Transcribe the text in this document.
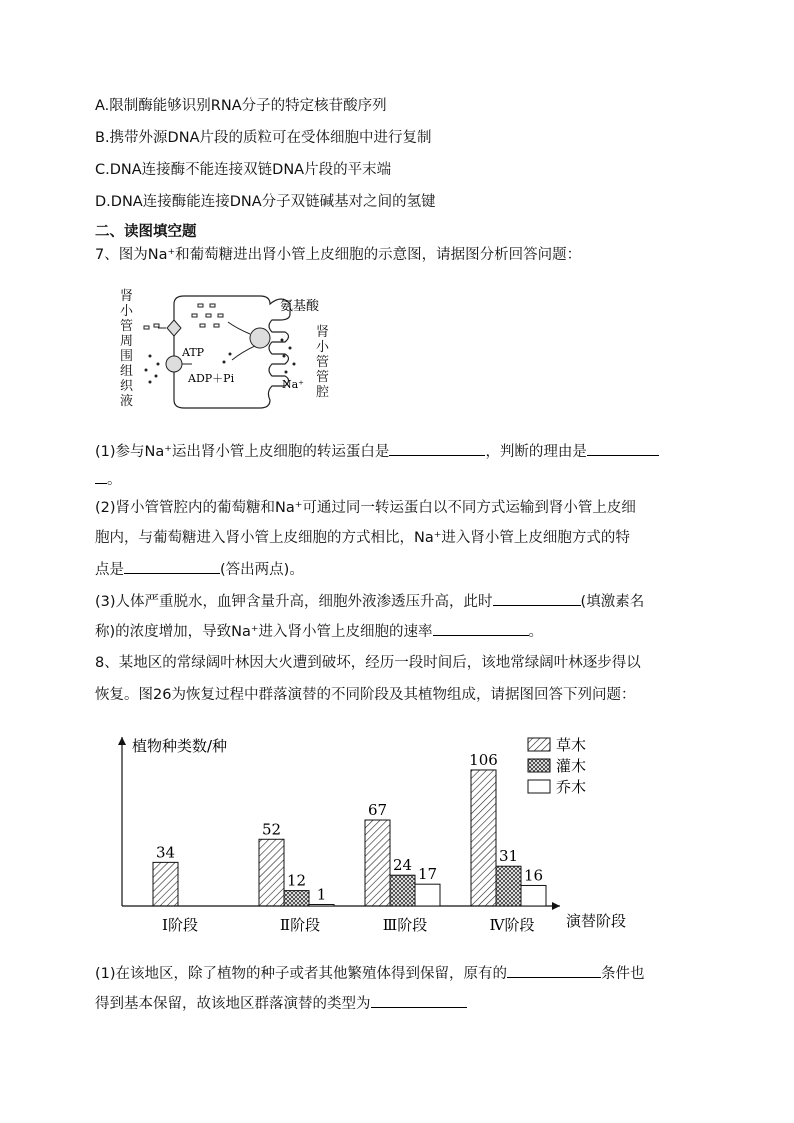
A.限制酶能够识别RNA分子的特定核苷酸序列
B.携带外源DNA片段的质粒可在受体细胞中进行复制
C.DNA连接酶不能连接双链DNA片段的平末端
D.DNA连接酶能连接DNA分子双链碱基对之间的氢键
二、读图填空题
7、图为Na⁺和葡萄糖进出肾小管上皮细胞的示意图，请据图分析回答问题：
肾
小
管
周
围
组
织
液
ATP
ADP＋Pi
氨基酸
Na⁺
肾
小
管
管
腔
(1)参与Na⁺运出肾小管上皮细胞的转运蛋白是	，判断的理由是
。
(2)肾小管管腔内的葡萄糖和Na⁺可通过同一转运蛋白以不同方式运输到肾小管上皮细
胞内，与葡萄糖进入肾小管上皮细胞的方式相比，Na⁺进入肾小管上皮细胞方式的特
点是	(答出两点)。
(3)人体严重脱水，血钾含量升高，细胞外液渗透压升高，此时	(填激素名
称)的浓度增加，导致Na⁺进入肾小管上皮细胞的速率	。
8、某地区的常绿阔叶林因大火遭到破坏，经历一段时间后，该地常绿阔叶林逐步得以
恢复。图26为恢复过程中群落演替的不同阶段及其植物组成，请据图回答下列问题：
植物种类数/种
演替阶段
Ⅰ阶段
34
Ⅱ阶段
52
12
1
Ⅲ阶段
67
24 17
Ⅳ阶段
106
31
16
草木
灌木
乔木
(1)在该地区，除了植物的种子或者其他繁殖体得到保留，原有的	条件也
得到基本保留，故该地区群落演替的类型为
